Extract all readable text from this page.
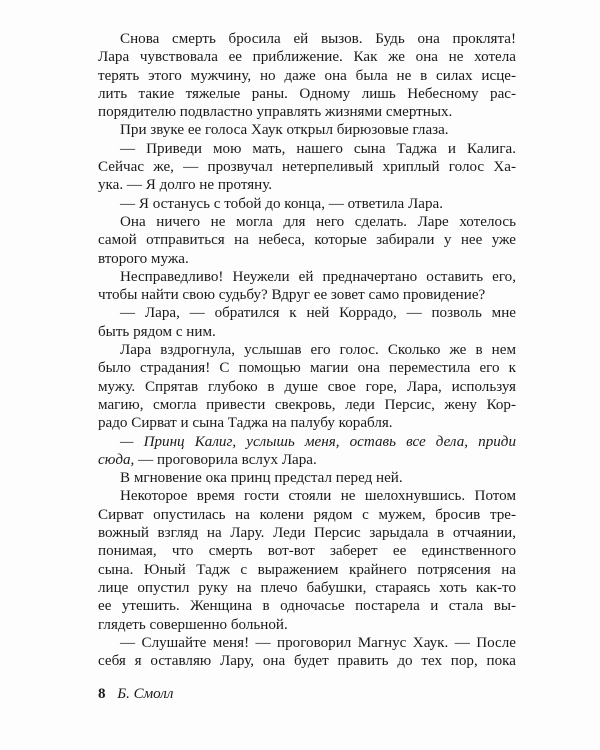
Снова смерть бросила ей вызов. Будь она проклята!
Лара чувствовала ее приближение. Как же она не хотела
терять этого мужчину, но даже она была не в силах исце-
лить такие тяжелые раны. Одному лишь Небесному рас-
порядителю подвластно управлять жизнями смертных.
При звуке ее голоса Хаук открыл бирюзовые глаза.
— Приведи мою мать, нашего сына Таджа и Калига.
Сейчас же, — прозвучал нетерпеливый хриплый голос Ха-
ука. — Я долго не протяну.
— Я останусь с тобой до конца, — ответила Лара.
Она ничего не могла для него сделать. Ларе хотелось
самой отправиться на небеса, которые забирали у нее уже
второго мужа.
Несправедливо! Неужели ей предначертано оставить его,
чтобы найти свою судьбу? Вдруг ее зовет само провидение?
— Лара, — обратился к ней Коррадо, — позволь мне
быть рядом с ним.
Лара вздрогнула, услышав его голос. Сколько же в нем
было страдания! С помощью магии она переместила его к
мужу. Спрятав глубоко в душе свое горе, Лара, используя
магию, смогла привести свекровь, леди Персис, жену Кор-
радо Сирват и сына Таджа на палубу корабля.
— Принц Калиг, услышь меня, оставь все дела, приди
сюда, — проговорила вслух Лара.
В мгновение ока принц предстал перед ней.
Некоторое время гости стояли не шелохнувшись. Потом
Сирват опустилась на колени рядом с мужем, бросив тре-
вожный взгляд на Лару. Леди Персис зарыдала в отчаянии,
понимая, что смерть вот-вот заберет ее единственного
сына. Юный Тадж с выражением крайнего потрясения на
лице опустил руку на плечо бабушки, стараясь хоть как-то
ее утешить. Женщина в одночасье постарела и стала вы-
глядеть совершенно больной.
— Слушайте меня! — проговорил Магнус Хаук. — После
себя я оставляю Лару, она будет править до тех пор, пока
8 Б. Смолл
